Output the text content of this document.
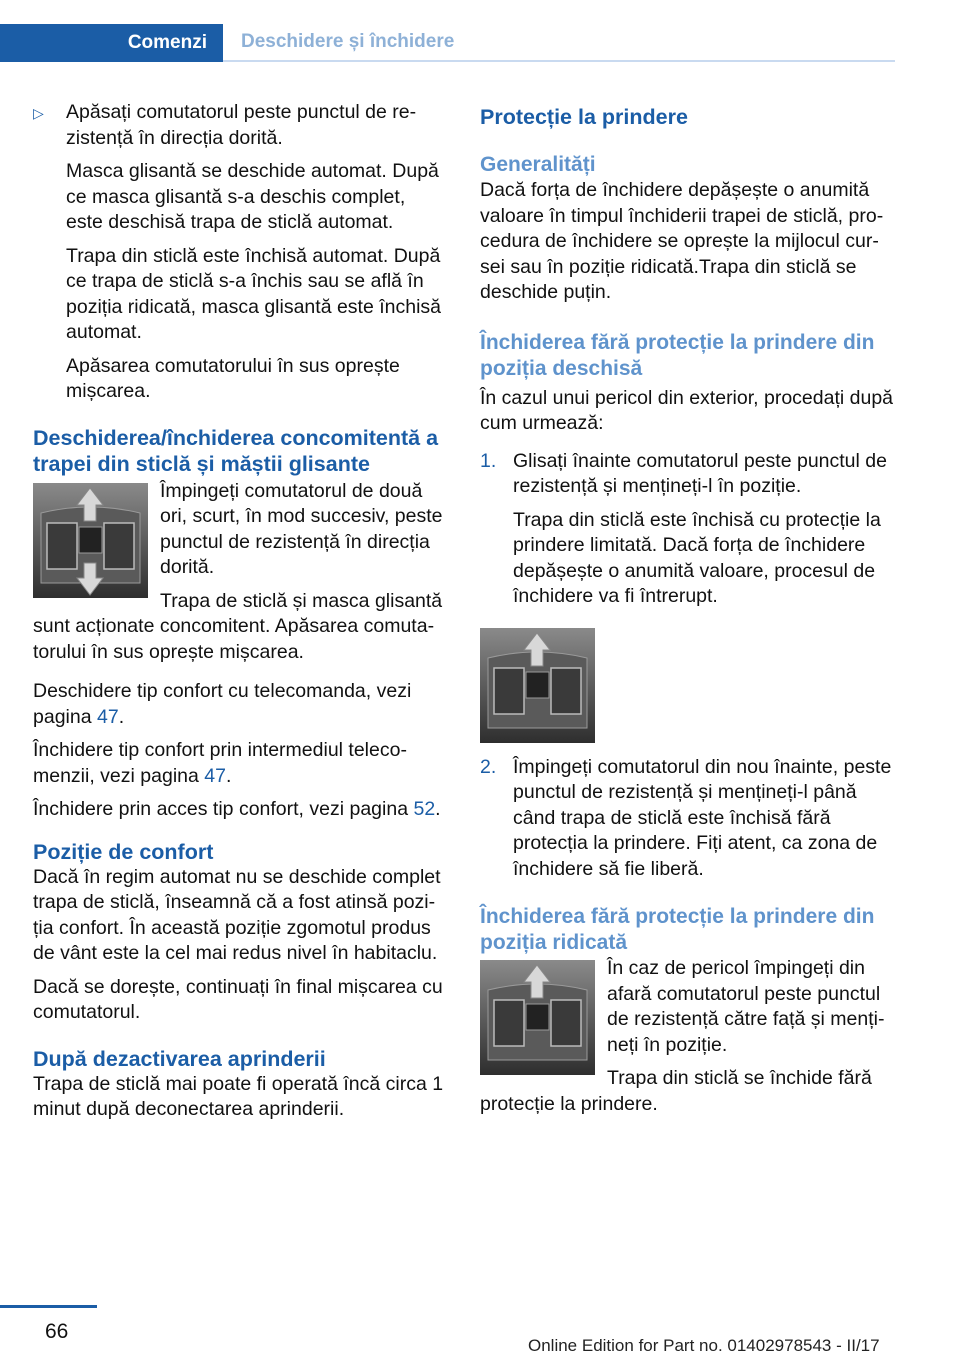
Comenzi	Deschidere și închidere
▷ Apăsați comutatorul peste punctul de re-zistență în direcția dorită.

Masca glisantă se deschide automat. După ce masca glisantă s-a deschis complet, este deschisă trapa de sticlă automat.

Trapa din sticlă este închisă automat. După ce trapa de sticlă s-a închis sau se află în poziția ridicată, masca glisantă este închisă automat.

Apăsarea comutatorului în sus oprește mișcarea.

Deschiderea/închiderea concomitentă a trapei din sticlă și măștii glisante

Împingeți comutatorul de două ori, scurt, în mod succesiv, peste punctul de rezistență în direcția dorită.

Trapa de sticlă și masca glisantă sunt acționate concomitent. Apăsarea comuta-torului în sus oprește mișcarea.

Deschidere tip confort cu telecomanda, vezi pagina 47.

Închidere tip confort prin intermediul teleco-menzii, vezi pagina 47.

Închidere prin acces tip confort, vezi pagina 52.

Poziție de confort

Dacă în regim automat nu se deschide complet trapa de sticlă, înseamnă că a fost atinsă pozi-ția confort. În această poziție zgomotul produs de vânt este la cel mai redus nivel în habitaclu.

Dacă se dorește, continuați în final mișcarea cu comutatorul.

După dezactivarea aprinderii

Trapa de sticlă mai poate fi operată încă circa 1 minut după deconectarea aprinderii.

Protecție la prindere
Generalități

Dacă forța de închidere depășește o anumită valoare în timpul închiderii trapei de sticlă, pro-cedura de închidere se oprește la mijlocul cur-sei sau în poziție ridicată.Trapa din sticlă se deschide puțin.

Închiderea fără protecție la prindere din poziția deschisă

În cazul unui pericol din exterior, procedați după cum urmează:

1. Glisați înainte comutatorul peste punctul de rezistență și mențineți-l în poziție.

Trapa din sticlă este închisă cu protecție la prindere limitată. Dacă forța de închidere depășește o anumită valoare, procesul de închidere va fi întrerupt.

2. Împingeți comutatorul din nou înainte, peste punctul de rezistență și mențineți-l până când trapa de sticlă este închisă fără protecția la prindere. Fiți atent, ca zona de închidere să fie liberă.

Închiderea fără protecție la prindere din poziția ridicată

În caz de pericol împingeți din afară comutatorul peste punctul de rezistență către față și menți-neți în poziție.

Trapa din sticlă se închide fără protecție la prindere.

66
Online Edition for Part no. 01402978543 - II/17
